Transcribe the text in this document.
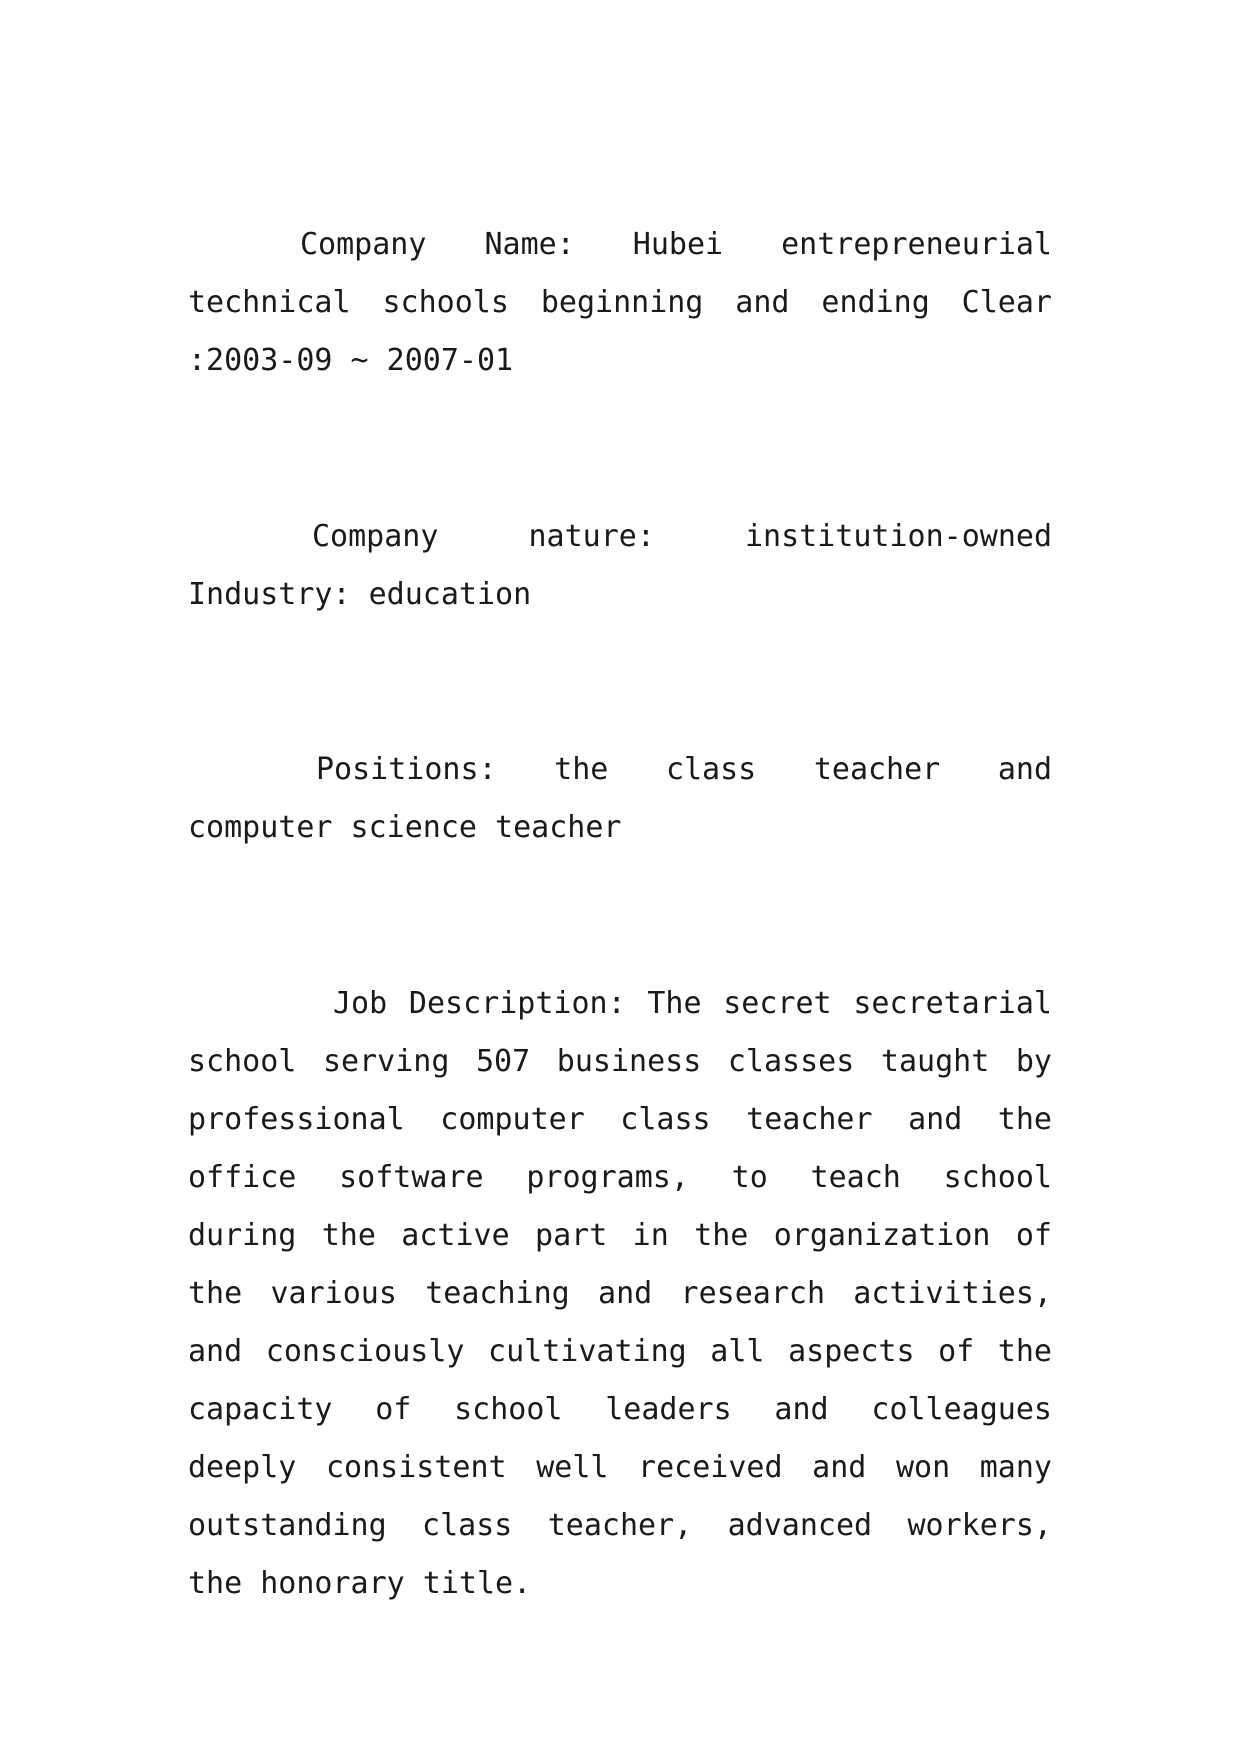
Company Name: Hubei entrepreneurial technical schools beginning and ending Clear :2003-09 ~ 2007-01

Company nature: institution-owned Industry: education

Positions: the class teacher and computer science teacher

Job Description: The secret secretarial school serving 507 business classes taught by professional computer class teacher and the office software programs, to teach school during the active part in the organization of the various teaching and research activities, and consciously cultivating all aspects of the capacity of school leaders and colleagues deeply consistent well received and won many outstanding class teacher, advanced workers, the honorary title.
